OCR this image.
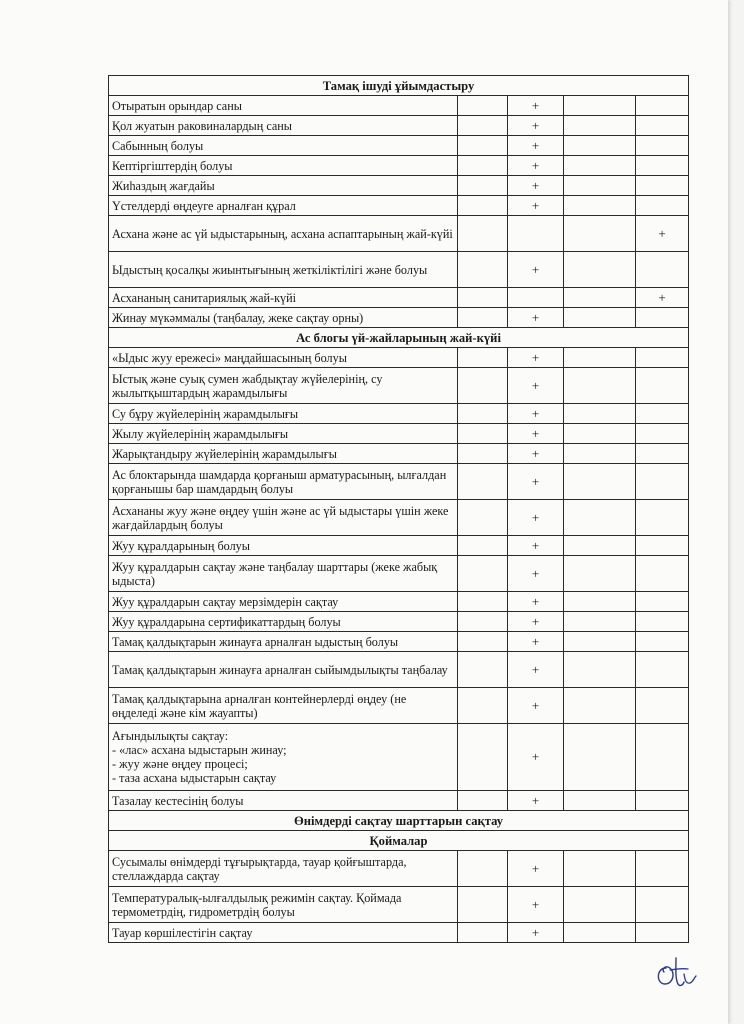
Тамақ ішуді ұйымдастыру				
Отыратын орындар саны		+		
Қол жуатын раковиналардың саны		+		
Сабынның болуы		+		
Кептіргіштердің болуы		+		
Жиһаздың жағдайы		+		
Үстелдерді өңдеуге арналған құрал		+		
Асхана және ас үй ыдыстарының, асхана аспаптарының жай-күйі				+
Ыдыстың қосалқы жиынтығының жеткіліктілігі және болуы		+		
Асхананың санитариялық жай-күйі				+
Жинау мүкәммалы (таңбалау, жеке сақтау орны)		+		
Ас блогы үй-жайларының жай-күйі				
«Ыдыс жуу ережесі» маңдайшасының болуы		+		
Ыстық және суық сумен жабдықтау жүйелерінің, су жылытқыштардың жарамдылығы		+		
Су бұру жүйелерінің жарамдылығы		+		
Жылу жүйелерінің жарамдылығы		+		
Жарықтандыру жүйелерінің жарамдылығы		+		
Ас блоктарында шамдарда қорғаныш арматурасының, ылғалдан қорғанышы бар шамдардың болуы		+		
Асхананы жуу және өңдеу үшін және ас үй ыдыстары үшін жеке жағдайлардың болуы		+		
Жуу құралдарының болуы		+		
Жуу құралдарын сақтау және таңбалау шарттары (жеке жабық ыдыста)		+		
Жуу құралдарын сақтау мерзімдерін сақтау		+		
Жуу құралдарына сертификаттардың болуы		+		
Тамақ қалдықтарын жинауға арналған ыдыстың болуы		+		
Тамақ қалдықтарын жинауға арналған сыйымдылықты таңбалау		+		
Тамақ қалдықтарына арналған контейнерлерді өңдеу (не өңделеді және кім жауапты)		+		
Ағындылықты сақтау:
- «лас» асхана ыдыстарын жинау;
- жуу және өңдеу процесі;
- таза асхана ыдыстарын сақтау		+		
Тазалау кестесінің болуы		+		
Өнімдерді сақтау шарттарын сақтау				
Қоймалар				
Сусымалы өнімдерді тұғырықтарда, тауар қойғыштарда, стеллаждарда сақтау		+		
Температуралық-ылғалдылық режимін сақтау. Қоймада термометрдің, гидрометрдің болуы		+		
Тауар көршілестігін сақтау		+		
